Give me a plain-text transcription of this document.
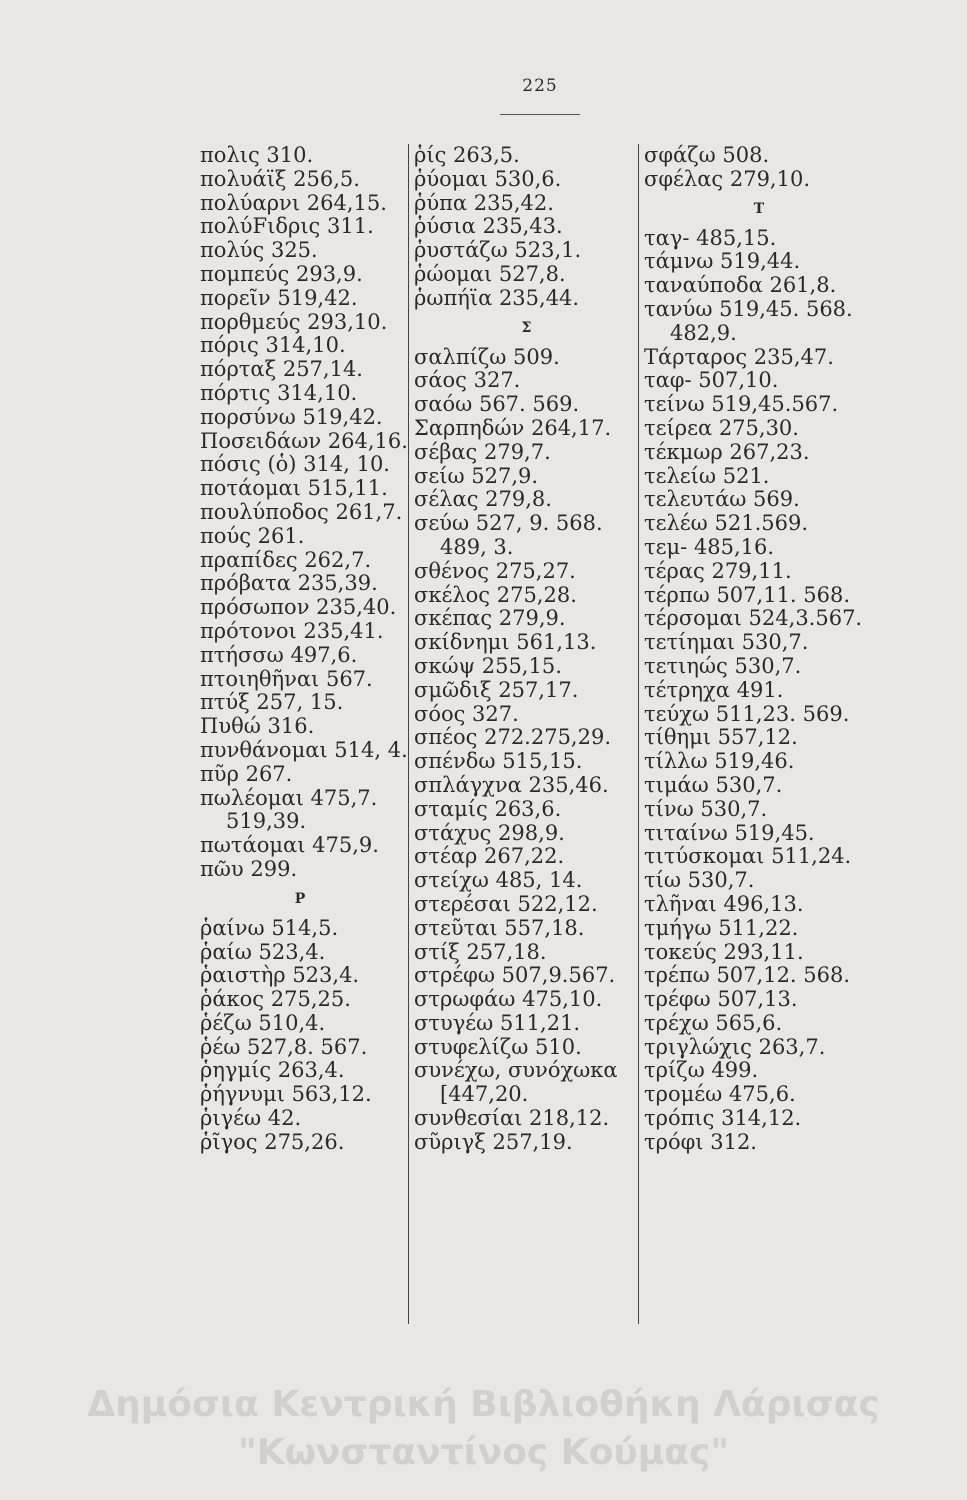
225
πολις 310.
πολυάϊξ 256,5.
πολύαρνι 264,15.
πολύFιδρις 311.
πολύς 325.
πομπεύς 293,9.
πορεῖν 519,42.
πορθμεύς 293,10.
πόρις 314,10.
πόρταξ 257,14.
πόρτις 314,10.
πορσύνω 519,42.
Ποσειδάων 264,16.
πόσις (ὁ) 314, 10.
ποτάομαι 515,11.
πουλύποδος 261,7.
πούς 261.
πραπίδες 262,7.
πρόβατα 235,39.
πρόσωπον 235,40.
πρότονοι 235,41.
πτήσσω 497,6.
πτοιηθῆναι 567.
πτύξ 257, 15.
Πυθώ 316.
πυνθάνομαι 514, 4.
πῦρ 267.
πωλέομαι 475,7.
519,39.
πωτάομαι 475,9.
πῶυ 299.
Ρ
ῥαίνω 514,5.
ῥαίω 523,4.
ῥαιστὴρ 523,4.
ῥάκος 275,25.
ῥέζω 510,4.
ῥέω 527,8. 567.
ῥηγμίς 263,4.
ῥήγνυμι 563,12.
ῥιγέω 42.
ῥῖγος 275,26.
ῥίς 263,5.
ῥύομαι 530,6.
ῥύπα 235,42.
ῥύσια 235,43.
ῥυστάζω 523,1.
ῥώομαι 527,8.
ῥωπήϊα 235,44.
Σ
σαλπίζω 509.
σάος 327.
σαόω 567. 569.
Σαρπηδών 264,17.
σέβας 279,7.
σείω 527,9.
σέλας 279,8.
σεύω 527, 9. 568.
489, 3.
σθένος 275,27.
σκέλος 275,28.
σκέπας 279,9.
σκίδνημι 561,13.
σκώψ 255,15.
σμῶδιξ 257,17.
σόος 327.
σπέος 272.275,29.
σπένδω 515,15.
σπλάγχνα 235,46.
σταμίς 263,6.
στάχυς 298,9.
στέαρ 267,22.
στείχω 485, 14.
στερέσαι 522,12.
στεῦται 557,18.
στίξ 257,18.
στρέφω 507,9.567.
στρωφάω 475,10.
στυγέω 511,21.
στυφελίζω 510.
συνέχω, συνόχωκα
[447,20.
συνθεσίαι 218,12.
σῦριγξ 257,19.
σφάζω 508.
σφέλας 279,10.
Τ
ταγ- 485,15.
τάμνω 519,44.
ταναύποδα 261,8.
τανύω 519,45. 568.
482,9.
Τάρταρος 235,47.
ταφ- 507,10.
τείνω 519,45.567.
τείρεα 275,30.
τέκμωρ 267,23.
τελείω 521.
τελευτάω 569.
τελέω 521.569.
τεμ- 485,16.
τέρας 279,11.
τέρπω 507,11. 568.
τέρσομαι 524,3.567.
τετίημαι 530,7.
τετιηώς 530,7.
τέτρηχα 491.
τεύχω 511,23. 569.
τίθημι 557,12.
τίλλω 519,46.
τιμάω 530,7.
τίνω 530,7.
τιταίνω 519,45.
τιτύσκομαι 511,24.
τίω 530,7.
τλῆναι 496,13.
τμήγω 511,22.
τοκεύς 293,11.
τρέπω 507,12. 568.
τρέφω 507,13.
τρέχω 565,6.
τριγλώχις 263,7.
τρίζω 499.
τρομέω 475,6.
τρόπις 314,12.
τρόφι 312.
Δημόσια Κεντρική Βιβλιοθήκη Λάρισας
"Κωνσταντίνος Κούμας"
